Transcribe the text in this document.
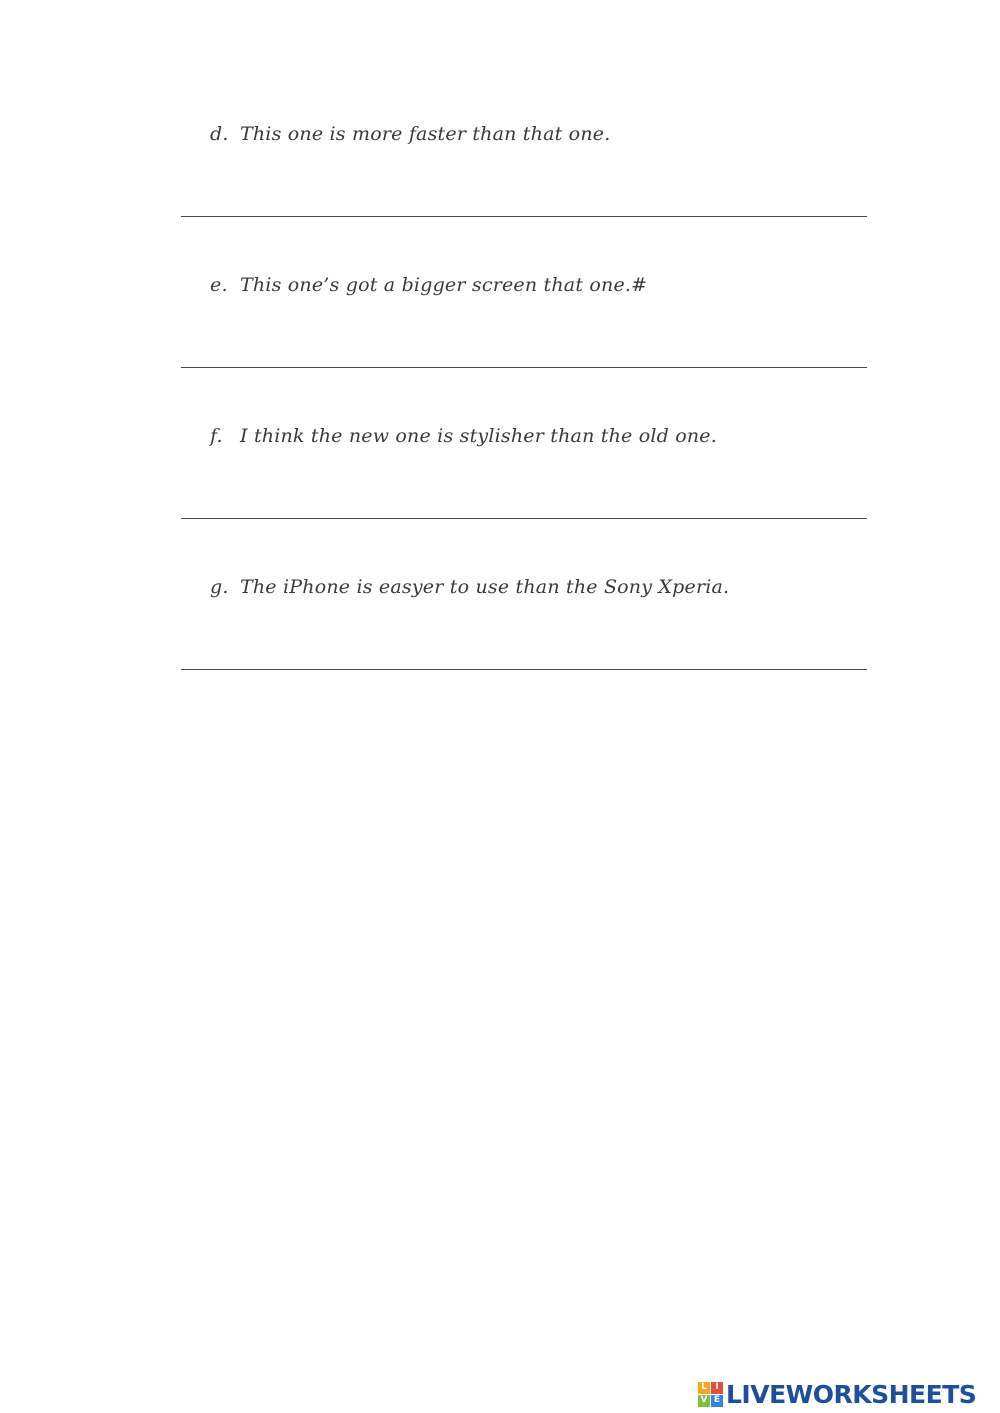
d. This one is more faster than that one.
e. This one’s got a bigger screen that one.#
f. I think the new one is stylisher than the old one.
g. The iPhone is easyer to use than the Sony Xperia.
L I
V E LIVEWORKSHEETS
